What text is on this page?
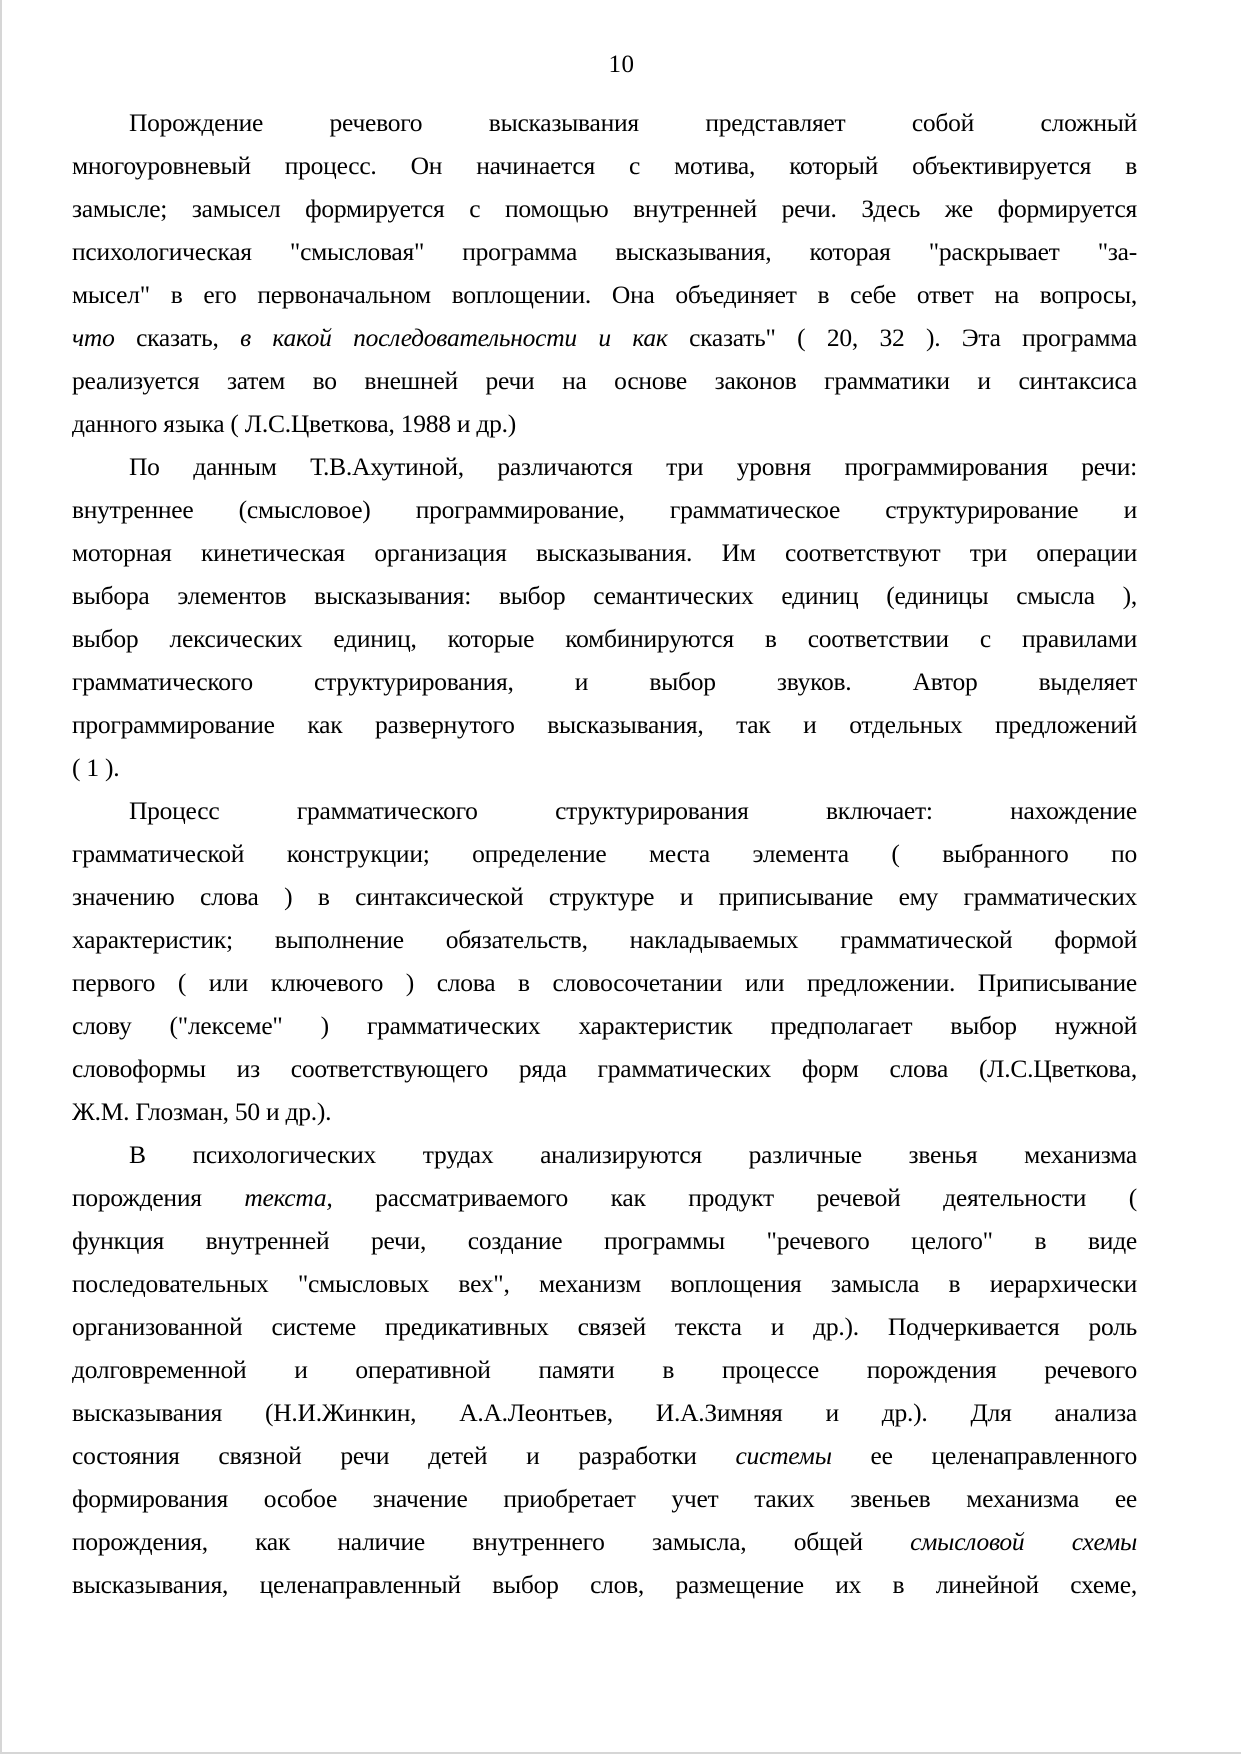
10
Порождение речевого высказывания представляет собой сложный
многоуровневый процесс. Он начинается с мотива, который объективируется в
замысле; замысел формируется с помощью внутренней речи. Здесь же формируется
психологическая "смысловая" программа высказывания, которая "раскрывает "за-
мысел" в его первоначальном воплощении. Она объединяет в себе ответ на вопросы,
что сказать, в какой последовательности и как сказать" ( 20, 32 ). Эта программа
реализуется затем во внешней речи на основе законов грамматики и синтаксиса
данного языка ( Л.С.Цветкова, 1988 и др.)
По данным Т.В.Ахутиной, различаются три уровня программирования речи:
внутреннее (смысловое) программирование, грамматическое структурирование и
моторная кинетическая организация высказывания. Им соответствуют три операции
выбора элементов высказывания: выбор семантических единиц (единицы смысла ),
выбор лексических единиц, которые комбинируются в соответствии с правилами
грамматического структурирования, и выбор звуков. Автор выделяет
программирование как развернутого высказывания, так и отдельных предложений
( 1 ).
Процесс грамматического структурирования включает: нахождение
грамматической конструкции; определение места элемента ( выбранного по
значению слова ) в синтаксической структуре и приписывание ему грамматических
характеристик; выполнение обязательств, накладываемых грамматической формой
первого ( или ключевого ) слова в словосочетании или предложении. Приписывание
слову ("лексеме" ) грамматических характеристик предполагает выбор нужной
словоформы из соответствующего ряда грамматических форм слова (Л.С.Цветкова,
Ж.М. Глозман, 50 и др.).
В психологических трудах анализируются различные звенья механизма
порождения текста, рассматриваемого как продукт речевой деятельности (
функция внутренней речи, создание программы "речевого целого" в виде
последовательных "смысловых вех", механизм воплощения замысла в иерархически
организованной системе предикативных связей текста и др.). Подчеркивается роль
долговременной и оперативной памяти в процессе порождения речевого
высказывания (Н.И.Жинкин, А.А.Леонтьев, И.А.Зимняя и др.). Для анализа
состояния связной речи детей и разработки системы ее целенаправленного
формирования особое значение приобретает учет таких звеньев механизма ее
порождения, как наличие внутреннего замысла, общей смысловой схемы
высказывания, целенаправленный выбор слов, размещение их в линейной схеме,
